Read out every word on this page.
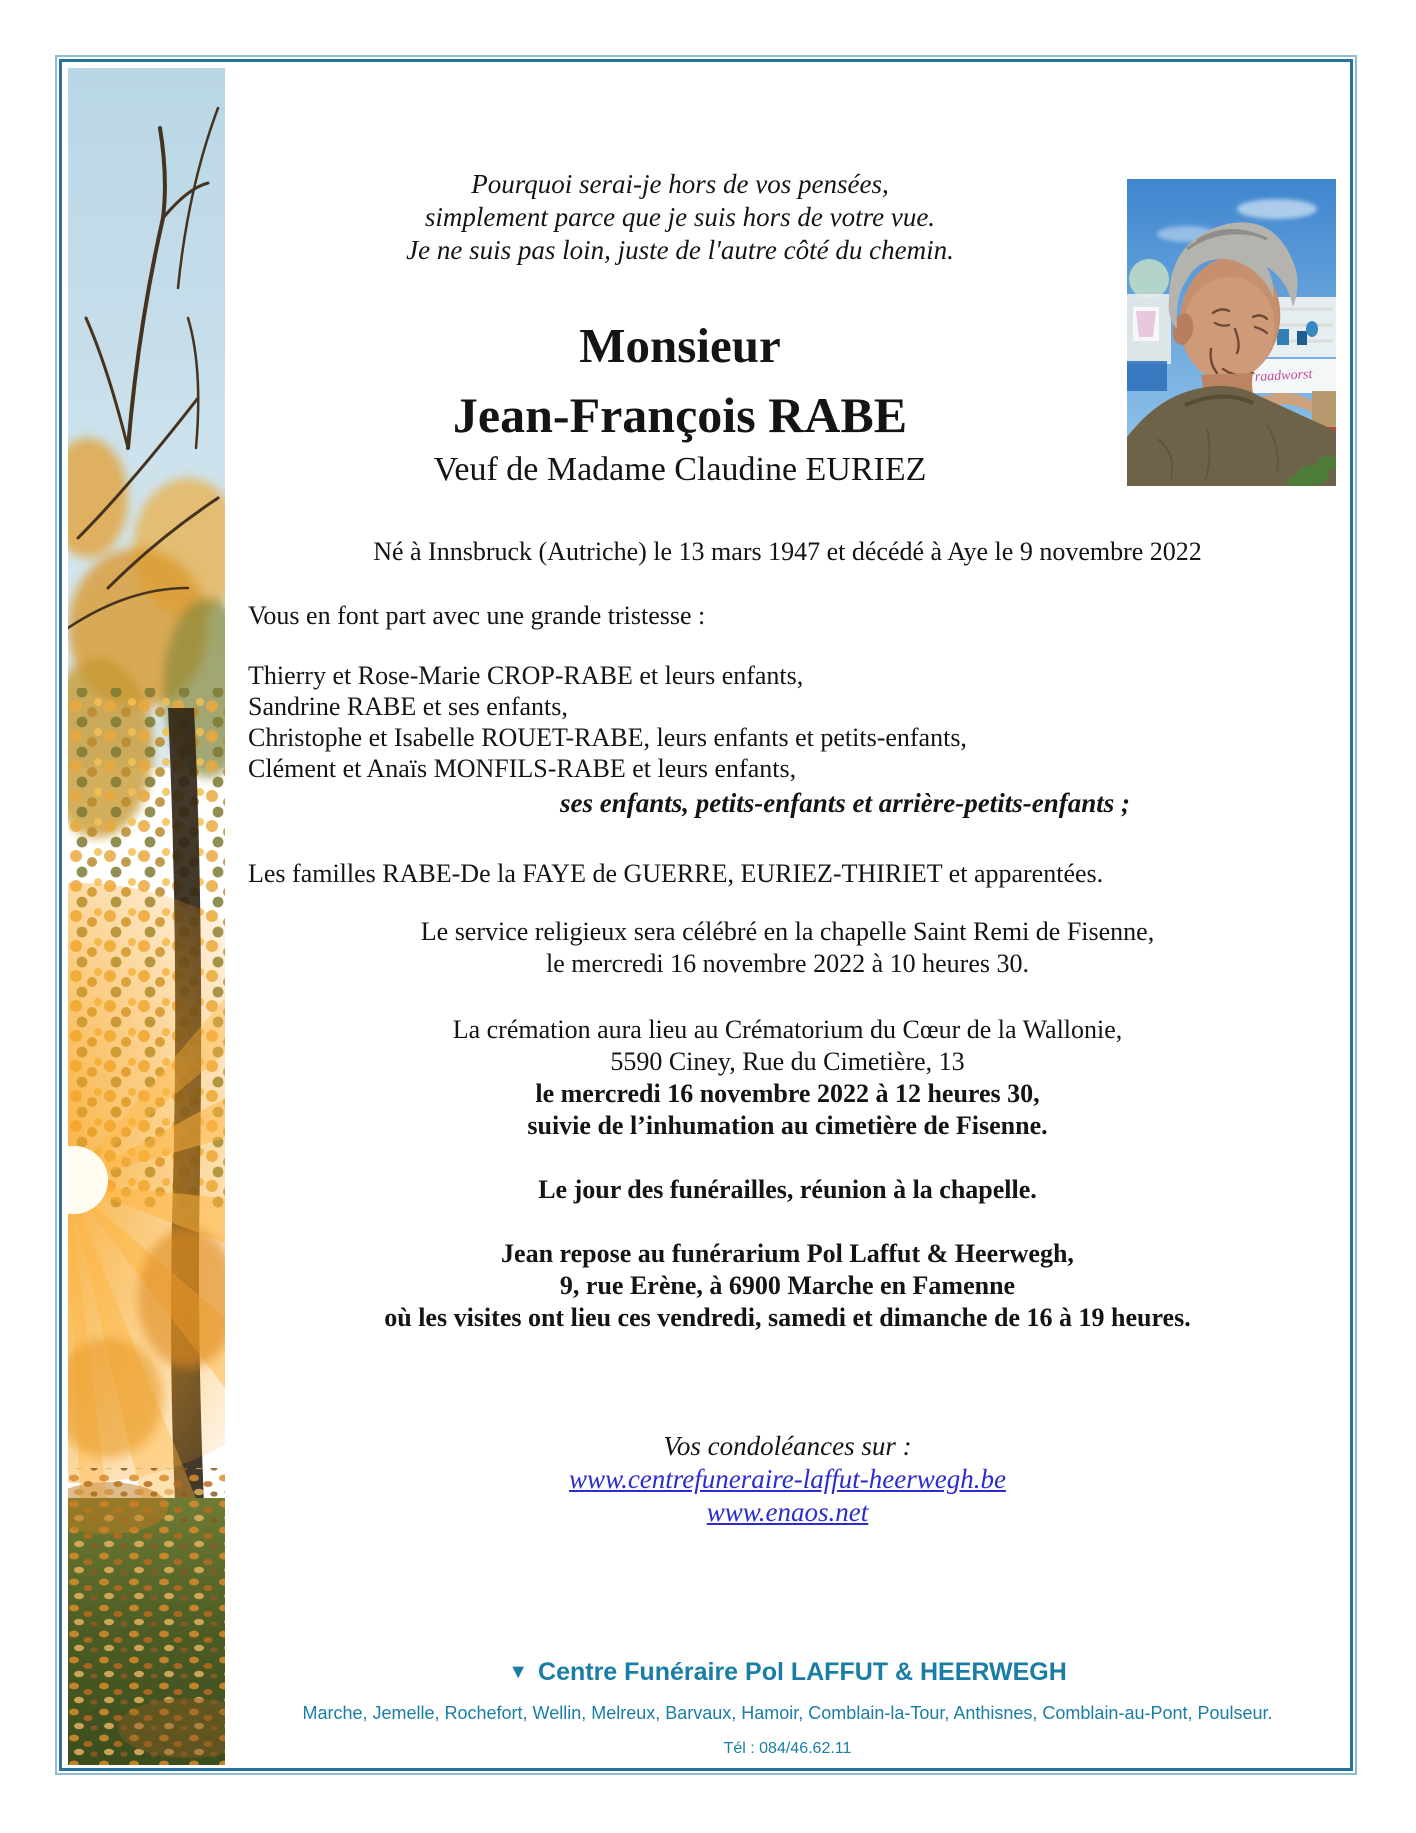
raadworst
Pourquoi serai-je hors de vos pensées,
simplement parce que je suis hors de votre vue.
Je ne suis pas loin, juste de l'autre côté du chemin.
Monsieur
Jean-François RABE
Veuf de Madame Claudine EURIEZ
Né à Innsbruck (Autriche) le 13 mars 1947 et décédé à Aye le 9 novembre 2022
Vous en font part avec une grande tristesse :
Thierry et Rose-Marie CROP-RABE et leurs enfants,
Sandrine RABE et ses enfants,
Christophe et Isabelle ROUET-RABE, leurs enfants et petits-enfants,
Clément et Anaïs MONFILS-RABE et leurs enfants,
ses enfants, petits-enfants et arrière-petits-enfants ;
Les familles RABE-De la FAYE de GUERRE, EURIEZ-THIRIET et apparentées.
Le service religieux sera célébré en la chapelle Saint Remi de Fisenne,
le mercredi 16 novembre 2022 à 10 heures 30.
La crémation aura lieu au Crématorium du Cœur de la Wallonie,
5590 Ciney, Rue du Cimetière, 13
le mercredi 16 novembre 2022 à 12 heures 30,
suivie de l’inhumation au cimetière de Fisenne.
Le jour des funérailles, réunion à la chapelle.
Jean repose au funérarium Pol Laffut & Heerwegh,
9, rue Erène, à 6900 Marche en Famenne
où les visites ont lieu ces vendredi, samedi et dimanche de 16 à 19 heures.
Vos condoléances sur :
www.centrefuneraire-laffut-heerwegh.be
www.enaos.net
▼ Centre Funéraire Pol LAFFUT & HEERWEGH
Marche, Jemelle, Rochefort, Wellin, Melreux, Barvaux, Hamoir, Comblain-la-Tour, Anthisnes, Comblain-au-Pont, Poulseur.
Tél : 084/46.62.11
